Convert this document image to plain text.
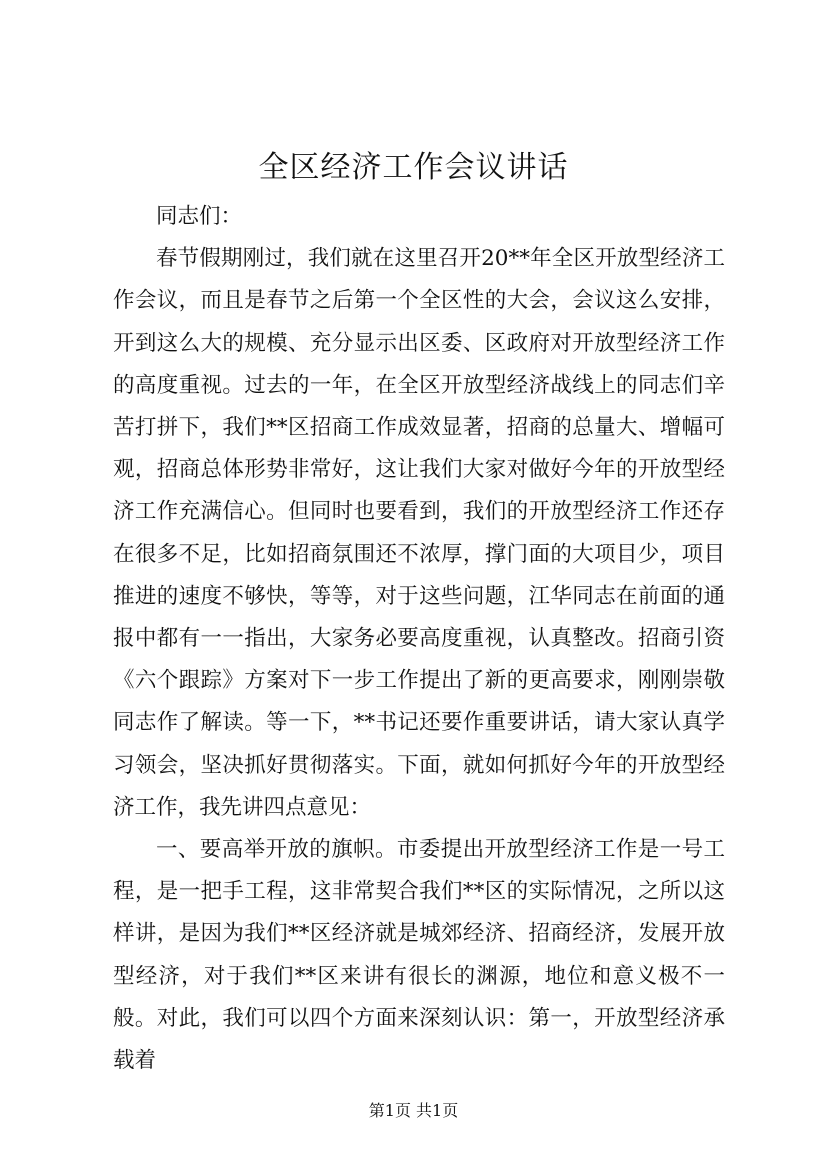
全区经济工作会议讲话

同志们：

春节假期刚过，我们就在这里召开20**年全区开放型经济工作会议，而且是春节之后第一个全区性的大会，会议这么安排，开到这么大的规模、充分显示出区委、区政府对开放型经济工作的高度重视。过去的一年，在全区开放型经济战线上的同志们辛苦打拼下，我们**区招商工作成效显著，招商的总量大、增幅可观，招商总体形势非常好，这让我们大家对做好今年的开放型经济工作充满信心。但同时也要看到，我们的开放型经济工作还存在很多不足，比如招商氛围还不浓厚，撑门面的大项目少，项目推进的速度不够快，等等，对于这些问题，江华同志在前面的通报中都有一一指出，大家务必要高度重视，认真整改。招商引资《六个跟踪》方案对下一步工作提出了新的更高要求，刚刚崇敬同志作了解读。等一下，**书记还要作重要讲话，请大家认真学习领会，坚决抓好贯彻落实。下面，就如何抓好今年的开放型经济工作，我先讲四点意见：

一、要高举开放的旗帜。市委提出开放型经济工作是一号工程，是一把手工程，这非常契合我们**区的实际情况，之所以这样讲，是因为我们**区经济就是城郊经济、招商经济，发展开放型经济，对于我们**区来讲有很长的渊源，地位和意义极不一般。对此，我们可以四个方面来深刻认识：第一，开放型经济承载着

第1页 共1页
